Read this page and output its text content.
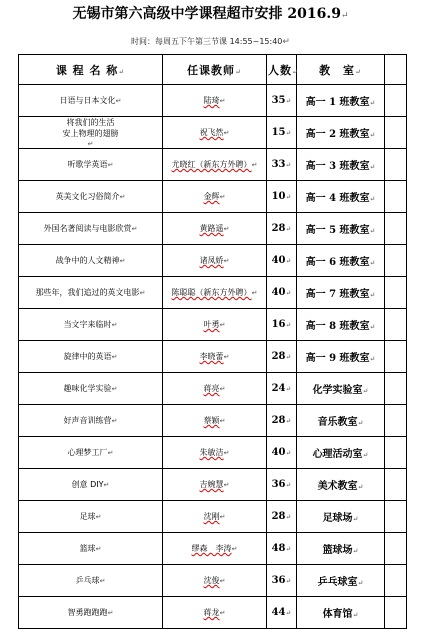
无锡市第六高级中学课程超市安排 2016.9↵
时间：每周五下午第三节课 14:55~15:40↵
课 程 名 称↵	任课教师↵	人数↵	教　室↵	
日语与日本文化↵	陆琦↵	35↵	高一 1 班教室↵	

将我们的生活
安上物理的翅膀
↵	祝飞然↵	15↵	高一 2 班教室↵	
听歌学英语↵	尤晓红（新东方外聘）↵	33↵	高一 3 班教室↵	
英美文化习俗简介↵	金辉↵	10↵	高一 4 班教室↵	
外国名著阅读与电影欣赏↵	黄路遥↵	28↵	高一 5 班教室↵	
战争中的人文精神↵	诸凤娇↵	40↵	高一 6 班教室↵	
那些年，我们追过的英文电影↵	陈聪聪（新东方外聘）↵	40↵	高一 7 班教室↵	
当文字来临时↵	叶勇↵	16↵	高一 8 班教室↵	
旋律中的英语↵	李晓蕾↵	28↵	高一 9 班教室↵	
趣味化学实验↵	蒋亮↵	24↵	化学实验室↵	
好声音训练营↵	蔡颖↵	28↵	音乐教室↵	
心理梦工厂↵	朱敏洁↵	40↵	心理活动室↵	
创意 DIY↵	吉婉慧↵	36↵	美术教室↵	
足球↵	沈刚↵	28↵	足球场↵	
篮球↵	缪森　李涛↵	48↵	篮球场↵	
乒乓球↵	沈俊↵	36↵	乒乓球室↵	
智勇跑跑跑↵	蒋龙↵	44↵	体育馆↵	
